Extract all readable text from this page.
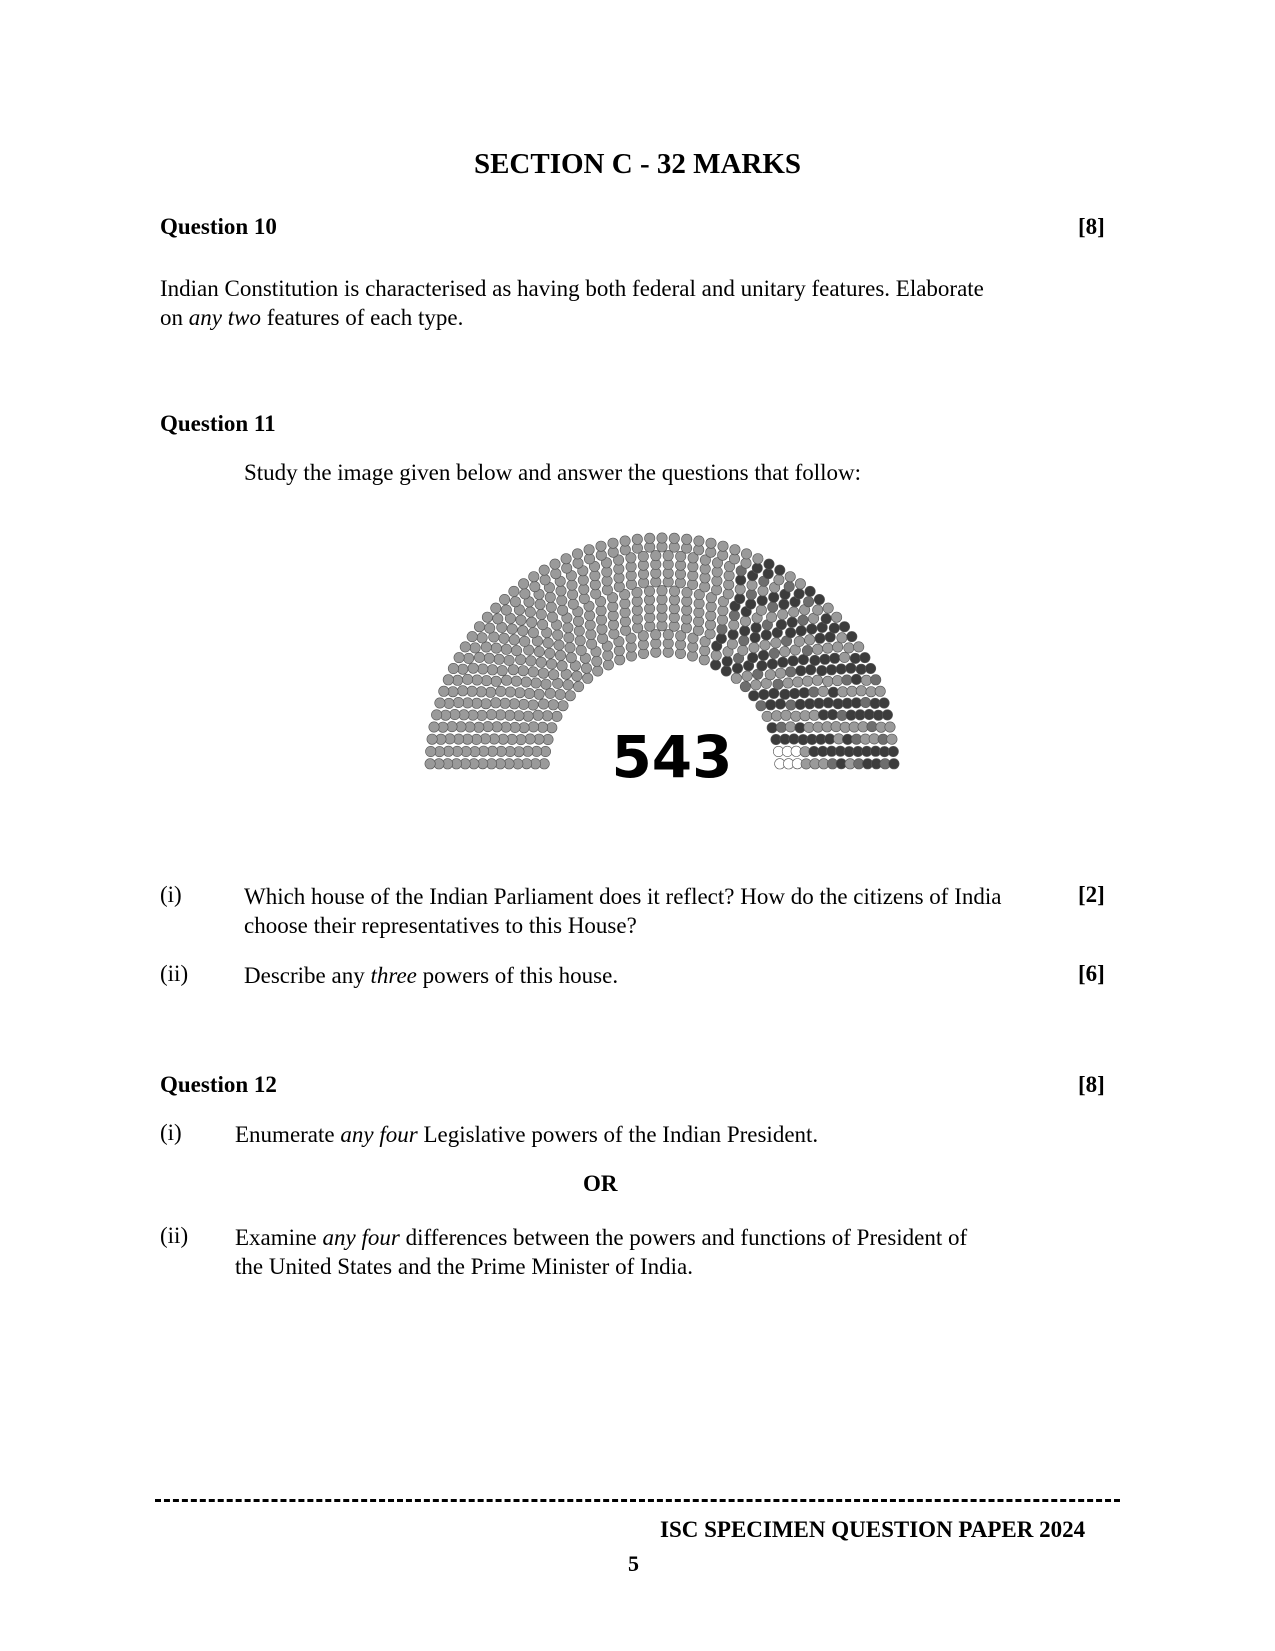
SECTION C - 32 MARKS
Question 10	[8]
Indian Constitution is characterised as having both federal and unitary features. Elaborate
on any two features of each type.
Question 11
Study the image given below and answer the questions that follow:
543
(i)	Which house of the Indian Parliament does it reflect? How do the citizens of India
choose their representatives to this House?
[2]
(ii) Describe any three powers of this house.	[6]
Question 12	[8]
(i) Enumerate any four Legislative powers of the Indian President.
OR
(ii) Examine any four differences between the powers and functions of President of
the United States and the Prime Minister of India.
ISC SPECIMEN QUESTION PAPER 2024
5
